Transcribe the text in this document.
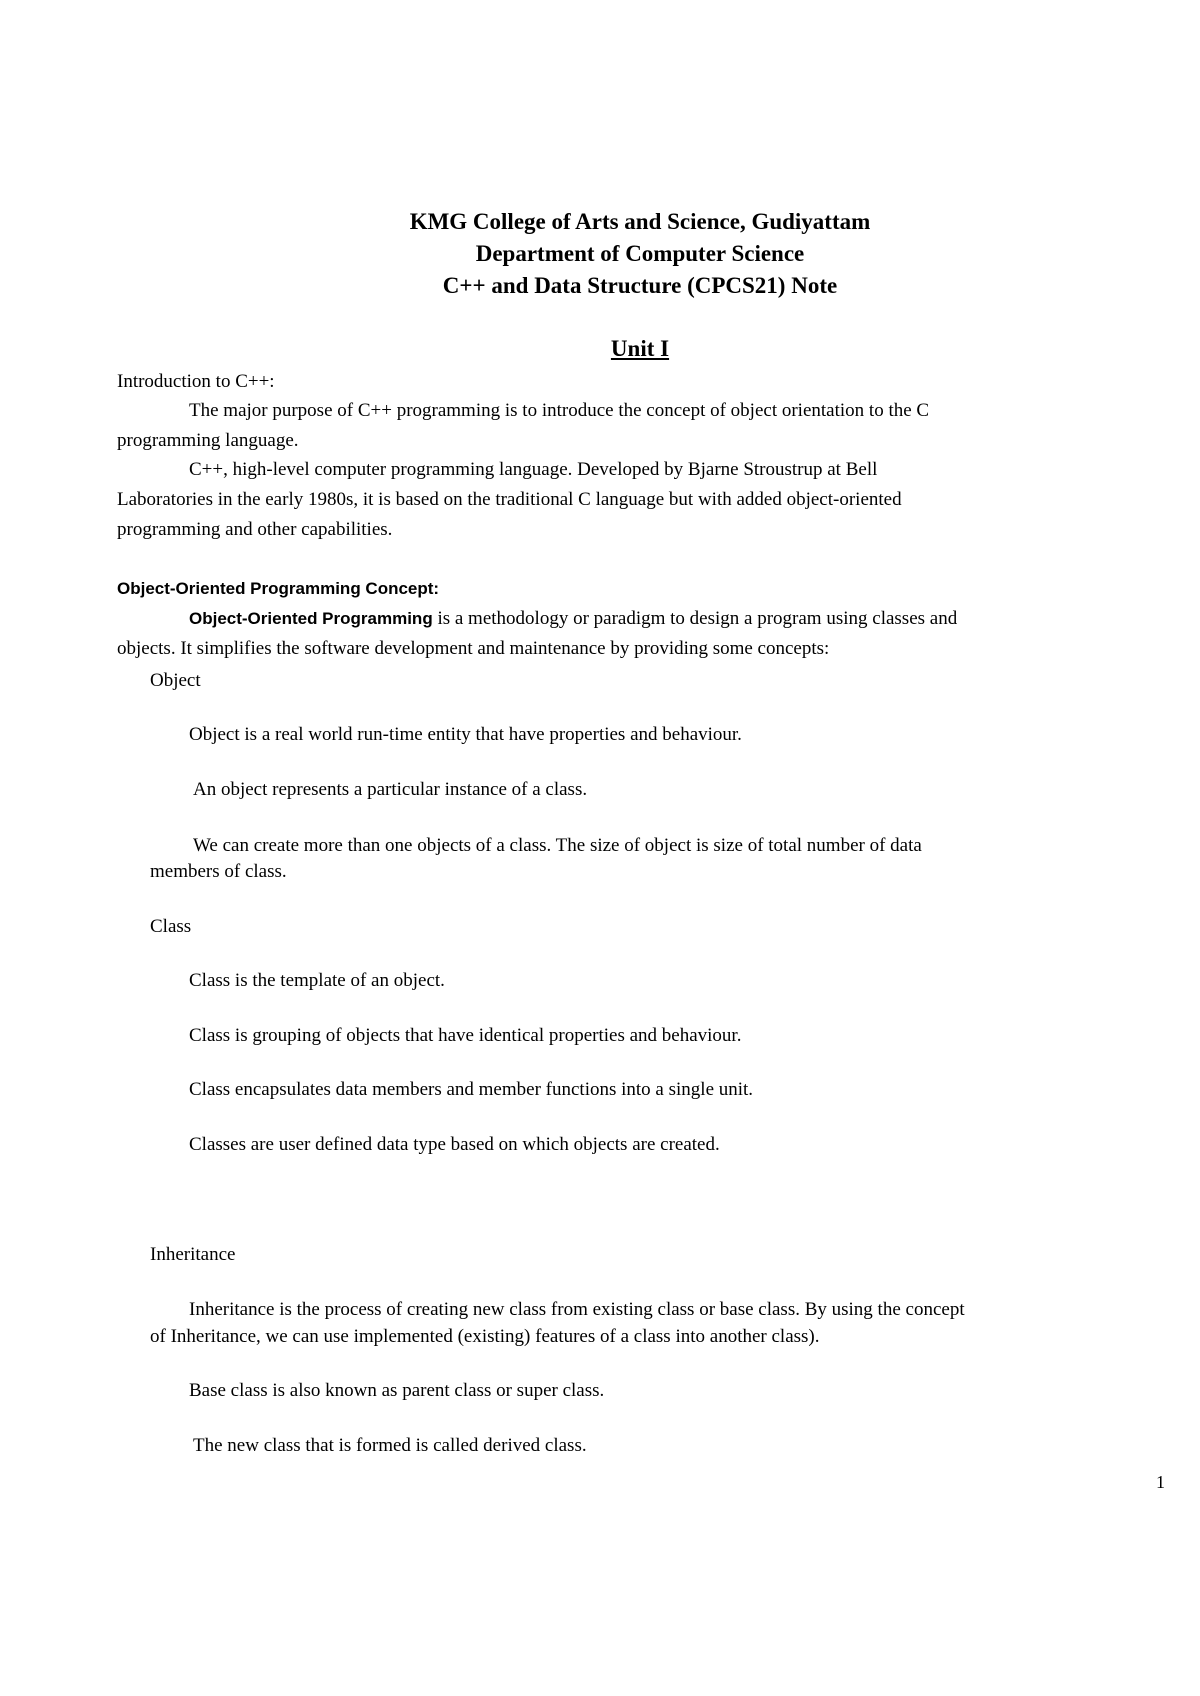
KMG College of Arts and Science, Gudiyattam
Department of Computer Science
C++ and Data Structure (CPCS21) Note
Unit I
Introduction to C++:
The major purpose of C++ programming is to introduce the concept of object orientation to the C
programming language.
C++, high-level computer programming language. Developed by Bjarne Stroustrup at Bell
Laboratories in the early 1980s, it is based on the traditional C language but with added object-oriented
programming and other capabilities.
Object-Oriented Programming Concept:
Object-Oriented Programming is a methodology or paradigm to design a program using classes and
objects. It simplifies the software development and maintenance by providing some concepts:
Object
Object is a real world run-time entity that have properties and behaviour.
An object represents a particular instance of a class.
We can create more than one objects of a class. The size of object is size of total number of data
members of class.
Class
Class is the template of an object.
Class is grouping of objects that have identical properties and behaviour.
Class encapsulates data members and member functions into a single unit.
Classes are user defined data type based on which objects are created.
Inheritance
Inheritance is the process of creating new class from existing class or base class. By using the concept
of Inheritance, we can use implemented (existing) features of a class into another class).
Base class is also known as parent class or super class.
The new class that is formed is called derived class.
1
